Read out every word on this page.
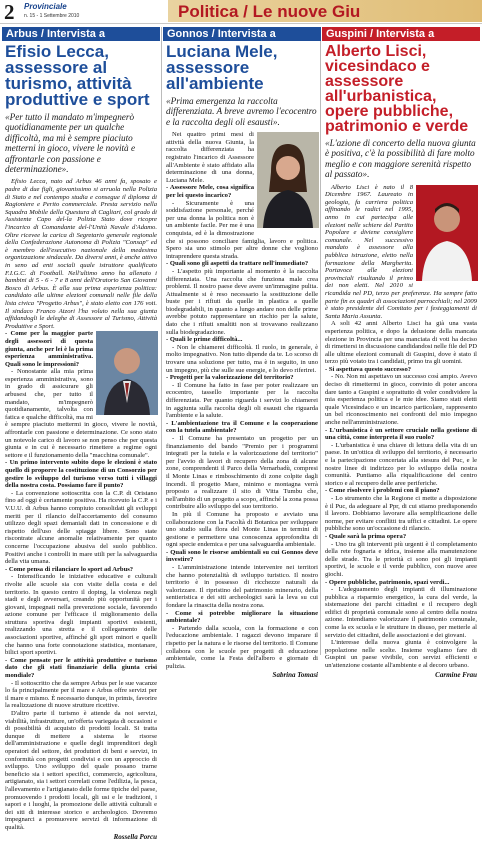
2 Provinciale
n. 15 - 1 Settembre 2010	Politica / Le nuove Giu
Arbus / Intervista a
Efisio Lecca, assessore al turismo, attività produttive e sport
«Per tutto il mandato m'impegnerò quotidianamente per un qualche difficoltà, ma mi è sempre piaciuto metterni in gioco, vivere le novità e affrontarle con passione e determinazione».

Efisio Lecca, nato ad Arbus 46 anni fa, sposato e padre di due figli, giovanissimo si arruola nella Polizia di Stato e nel contempo studia e consegue il diploma di Ragioniere e Perito commerciale. Presta servizio nella Squadra Mobile della Questura di Cagliari, col grado di Assistente Capo del-la Polizia Stato dove ricopre l'incarico di Comandante del-l'Unità Navale d'Adamo. Oltre ricevee la carica di Segretario generale regionale della Confederazione Autonoma di Polizia "Consap" ed è membro dell'esecutivo nazionale della medesima organizzazione sindacale. Da diversi anni, è anche attivo in seno ad enti sociali quale istruttore qualificato F.I.G.C. di Football. Nell'ultimo anno ha allenato i bambini di 5 - 6 - 7 e 8 anni dell'Oratorio San Giovanni Bosco di Arbus. È alla sua prima esperienza politica: candidato alle ultime elezioni comunali nelle file della lista civica "Progetto Arbus", è stato eletto con 176 voti. Il sindaco Franco Atzori l'ha voluto nella sua giunta affidandogli le deleghe di Assessore al Turismo, Attività Produttive e Sport.

- Come per la maggior parte degli assessori di questa giunta, anche per lei è la prima esperienza amministrativa. Quali sono le impressioni?

- Nonostante alla mia prima esperienza amministrativa, sono in grado di assicurare gli arbusesi che, per tutto il mandato, m'impegnerò quotidianamente, talvolta con fatica e qualche difficoltà, ma mi è sempre piaciuto mettermi in gioco, vivere le novità, affrontarle con passione e determinazione. Ce sono stato un notevole carico di lavoro se non penso che per questa giunta e in cui è necessario rimettere a regime ogni settore e il funzionamento della "macchina comunale".

- Un primo intervento subito dopo le elezioni è stato quello di proporre la costituzione di un Consorzio per gestire lo sviluppo del turismo verso tutti i villaggi della nostra costa. Possiamo fare il punto?

- La convenzione sottoscritta con la C.P. di Oristano fino ad oggi è certamente positiva. Ha ricevuto la C.P. e i V.U.U. di Arbus hanno compiuto consolidati gli sviluppi meriti per il rilancio dell'accertamento del consumo utilizzo degli spazi demaniali dati in concessione e di rispetto dell'uso delle spiagge libere. Sono state riscontrate alcune anomalie relativamente per quanto concerne l'occupazione abusiva del suolo pubblico. Positivi anche i controlli in mare utili per la salvaguardia della vita umana.

- Come pensa di rilanciare lo sport ad Arbus?

- Intensificando le iniziative educative e culturali rivolte alle scuole sia con visite della costa e del territorio. In questo centro il doping, la violenza negli stadi e degli avversari, creando più opportunità per i giovani, impegnati nella prevenzione sociale, favorendo azione comune per l'efficace il miglioramento della struttura sportiva degli impianti sportivi esistenti, realizzando una stretta e il collegamento delle associazioni sportive, affinché gli sport minori e quelli che hanno una forte connotazione statistica, montanare, bilici sport sportivi.

- Come pensate per le attività produttive e turismo dato che gli stati finanziarie della giunta crisi mondiale?

- Il sottoscritto che da sempre Arbus per le sue vacanze lo fa principalmente per il mare e Arbus offre servizi per il mare e mismo. È necessario dunque, in primis, favorire la realizzazione di nuove strutture ricettive.

D'altro parte il turismo è attende da noi servizi, viabilità, infrastrutture, un'offerta variegata di occasioni e di possibilità di acquisto di prodotti locali. Si tratta dunque di mettere a sistema le risorse dell'amministrazione e quelle degli imprenditori degli operatori del settore, dei produttori di beni e servizi, in conformità con progetti condivisi e con un approccio di sviluppo. Uno sviluppo del quale possano trarne beneficio sia i settori specifici, commercio, agricoltura, artigianato, sia i settori correlati come l'edilizia, la pesca, l'allevamento e l'artigianato delle forme tipiche del paese, promuovendo i prodotti locali, gli usi e le tradizioni, i sapori e i luoghi, la promozione delle attività culturali e dei siti di interesse storico e archeologico. Dovremo impegnarci a promuovere servizi di informazione di qualità.

Rossella Porcu
Gonnos / Intervista a
Luciana Mele, assessore all'ambiente
«Prima emergenza la raccolta differenziata. A breve avremo l'ecocentro e la raccolta degli oli esausti».

Nei quattro primi mesi di attività della nuova Giunta, la raccolta differenziata ha registrato l'incarico di Assessore all'Ambiente è stato affidato alla determinazione di una donna, Luciana Mele.

- Assessore Mele, cosa significa per lei questo incarico?

- Sicuramente è una soddisfazione personale, perché per una donna la politica non è un ambiente facile. Per me è una conquista, ed è la dimostrazione che si possono conciliare famiglia, lavoro e politica. Spero sia uno stimolo per altre donne che vogliono intraprendere questa strada.

- Quali sono gli aspetti da trattare nell'immediato?

- L'aspetto più importante al momento è la raccolta differenziata. Una raccolta che funziona male crea problemi. Il nostro paese deve avere un'immagine pulita. Attualmente si è reso necessario la sostituzione delle buste per i rifiuti da quelle in plastica a quelle biodegradabili, in quanto a lungo andare non delle prime avrebbe potuto rappresentare un rischio per la salute, dato che i rifiuti smaltiti non si trovavano realizzano sulla biodegradazione.

- Quali le prime difficoltà...

- Non le chiamerei difficoltà. Il ruolo, in generale, è molto impegnativo. Non tutto dipende da te. Lo scorso di trovare una soluzione per tutto, ma è in seguito, in uno un impegno, più che sulle sue energie, e lo devo riferirei.

- Progetti per la valorizzazione del territorio?

- Il Comune ha fatto in fase per poter realizzare un ecocentro, tassello importante per la raccolta differenziata. Per quanto riguarda i servizi lo chiamerei in aggiunta sulla raccolta degli oli esausti che riguarda l'ambiente e la salute.

- L'ambientazione tra il Comune e la cooperazione con la tutela ambientale?

- Il Comune ha presentato un progetto per un finanziamento del bando "Premio per i programmi integrati per la tutela e la valorizzazione del territorio" per l'avvio di lavori di recupero della zona di alcune zone, comprendenti il Parco della Vernarbadù, compresi il Monte Linas e rimboschimento di zone colpite dagli incendi. Il progetto Mare, minimo e montagna verrà proposto a realizzare il sito di Vitta Tumbu che, nell'ambito di un progetto a scopo, affinché la zona possa contribuire allo sviluppo del suo territorio.

In più il Comune ha proposto e avviato una collaborazione con la Facoltà di Botanica per sviluppare uno studio sulla flora del Monte Linas in termini di gestione e permettere una conoscenza approfondita di ogni specie endemica e per una salvaguardia ambientale.

- Quali sono le risorse ambientali su cui Gonnos deve investire?

- L'amministrazione intende intervenire nei territori che hanno potenzialità di sviluppo turistico. Il nostro territorio è in possesso di ricchezze naturali da valorizzare. Il ripristino del patrimonio minerario, della sentieristica e dei siti archeologici sarà la leva su cui fondare la rinascita della nostra zona.

- Come si potrebbe migliorare la situazione ambientale?

- Partendo dalla scuola, con la formazione e con l'educazione ambientale. I ragazzi devono imparare il rispetto per la natura e le risorse del territorio. Il Comune collabora con le scuole per progetti di educazione ambientale, come la Festa dell'albero e giornate di pulizia.

Sabrina Tomasi
Guspini / Intervista a
Alberto Lisci, vicesindaco e assessore all'urbanistica, opere pubbliche, patrimonio e verde
«L'azione di concerto della nuova giunta è positiva, c'è la possibilità di fare molto meglio e con maggiore serenità rispetto al passato».

Alberto Lisci è nato il 8 Dicembre 1967. Laureato in geologia, fa carriera politica affinando le radici nel 1995, anno in cui partecipa alle elezioni nelle schiere del Partito Popolare e diviene consigliere comunale. Nel successivo mandato è assessore alla pubblica istruzione, eletto nella formazione della Margherita. Portavoce alle elezioni provinciali risultando il primo dei non eletti. Nel 2010 si ricandida nel PD, terzo per preferenze. Ha sempre fatto parte fin ex quadri di associazioni parrocchiali; nel 2009 è stato presidente del Comitato per i festeggiamenti di Santa Maria Assunta.

A soli 42 anni Alberto Lisci ha già una vasta esperienza politica, e dopo la delusione della mancata elezione in Provincia per una manciata di voti ha deciso di rimettersi in discussione candidandosi nelle file del PD alle ultime elezioni comunali di Guspini, dove è stato il terzo più votato tra i candidati, primo tra gli uomini.

- Si aspettava questo successo?

- No. Non mi aspettavo un successo così ampio. Avevo deciso di rimettermi in gioco, convinto di poter ancora dare tanto a Guspini e soprattutto di voler condividere la mia esperienza politica e le mie idee. Siamo stati eletti quale Vicesindaco e un incarico particolare, rappresento un bel riconoscimento nei confronti del mio impegno anche nell'amministrazione.

- L'urbanistica è un settore cruciale nella gestione di una città, come interpreta il suo ruolo?

- L'urbanistica è una chiave di lettura della vita di un paese. In un'ottica di sviluppo del territorio, è necessario e la partecipazione concertata alla stesura del Puc, e le nostre linee di indirizzo per lo sviluppo della nostra comunità. Puntiamo alla riqualificazione del centro storico e al recupero delle aree periferiche.

- Come risolvere i problemi con il piano?

- Lo strumento che la Regione ci mette a disposizione è il Puc, da adeguare al Ppr, di cui stiamo predisponendo il lavoro. Dobbiamo lavorare alla semplificazione delle norme, per evitare conflitti tra uffici e cittadini. Le opere pubbliche sono un'occasione di rilancio.

- Quale sarà la prima opera?

- Uno tra gli interventi più urgenti è il completamento della rete fognaria e idrica, insieme alla manutenzione delle strade. Tra le priorità ci sono poi gli impianti sportivi, le scuole e il verde pubblico, con nuove aree giochi.

- Opere pubbliche, patrimonio, spazi verdi...

- L'adeguamento degli impianti di illuminazione pubblica a risparmio energetico, la cura del verde, la sistemazione dei parchi cittadini e il recupero degli edifici di proprietà comunale sono al centro della nostra azione. Intendiamo valorizzare il patrimonio comunale, come la ex scuola e le strutture in disuso, per metterle al servizio dei cittadini, delle associazioni e dei giovani.

L'interesse della nuova giunta è coinvolgere la popolazione nelle scelte. Insieme vogliamo fare di Guspini un paese vivibile, con servizi efficienti e un'attenzione costante all'ambiente e al decoro urbano.

Carmine Frau
